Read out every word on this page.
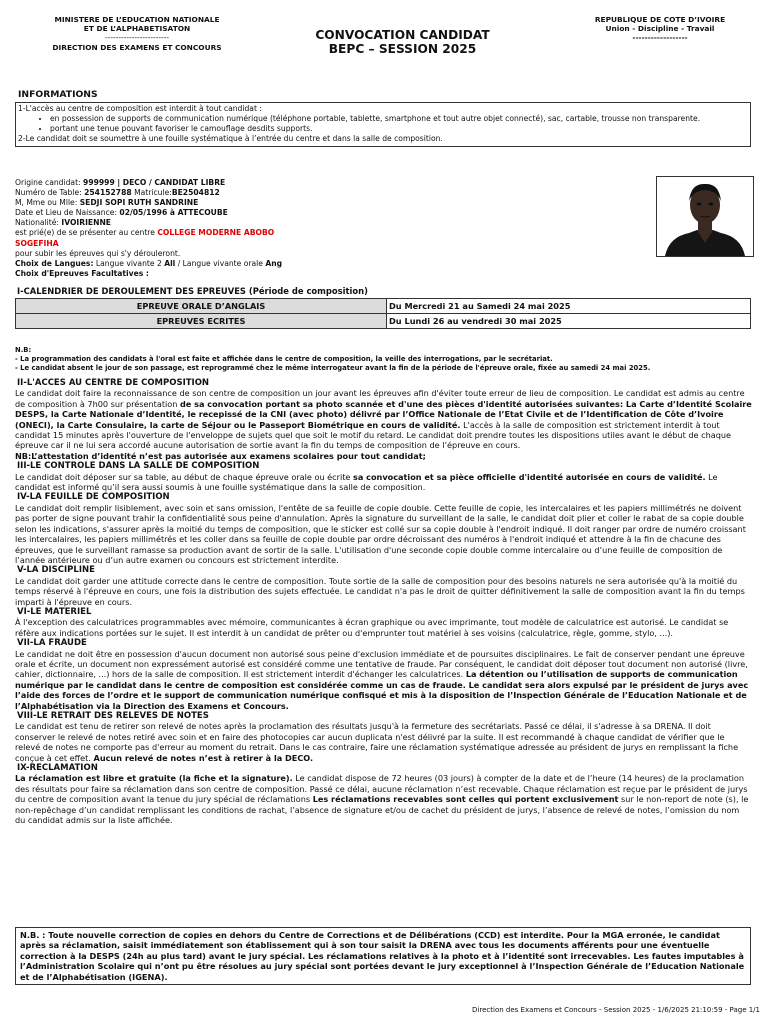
MINISTERE DE L’EDUCATION NATIONALE
ET DE L’ALPHABETISATON
------------------------
DIRECTION DES EXAMENS ET CONCOURS
CONVOCATION CANDIDAT
BEPC – SESSION 2025
REPUBLIQUE DE COTE D’IVOIRE
Union - Discipline - Travail
------------------
INFORMATIONS
1-L'accès au centre de composition est interdit à tout candidat :
• en possession de supports de communication numérique (téléphone portable, tablette, smartphone et tout autre objet connecté), sac, cartable, trousse non transparente.
• portant une tenue pouvant favoriser le camouflage desdits supports.
2-Le candidat doit se soumettre à une fouille systématique à l’entrée du centre et dans la salle de composition.
Origine candidat: 999999 | DECO / CANDIDAT LIBRE
Numéro de Table: 254152788 Matricule:BE2504812
M, Mme ou Mlle: SEDJI SOPI RUTH SANDRINE
Date et Lieu de Naissance: 02/05/1996 à ATTECOUBE
Nationalité: IVOIRIENNE
est prié(e) de se présenter au centre COLLEGE MODERNE ABOBO
SOGEFIHA
pour subir les épreuves qui s'y dérouleront.
Choix de Langues: Langue vivante 2 All / Langue vivante orale Ang
Choix d'Epreuves Facultatives :
I-CALENDRIER DE DEROULEMENT DES EPREUVES (Période de composition)
EPREUVE ORALE D’ANGLAIS	Du Mercredi 21 au Samedi 24 mai 2025
EPREUVES ECRITES	Du Lundi 26 au vendredi 30 mai 2025
N.B:
- La programmation des candidats à l'oral est faite et affichée dans le centre de composition, la veille des interrogations, par le secrétariat.
- Le candidat absent le jour de son passage, est reprogrammé chez le même interrogateur avant la fin de la période de l'épreuve orale, fixée au samedi 24 mai 2025.
II-L'ACCES AU CENTRE DE COMPOSITION

Le candidat doit faire la reconnaissance de son centre de composition un jour avant les épreuves afin d'éviter toute erreur de lieu de composition. Le candidat est admis au centre de composition à 7h00 sur présentation de sa convocation portant sa photo scannée et d'une des pièces d'identité autorisées suivantes: La Carte d’Identité Scolaire DESPS, la Carte Nationale d’Identité, le recepissé de la CNI (avec photo) délivré par l’Office Nationale de l’Etat Civile et de l’Identification de Côte d’Ivoire (ONECI), la Carte Consulaire, la carte de Séjour ou le Passeport Biométrique en cours de validité. L'accès à la salle de composition est strictement interdit à tout candidat 15 minutes après l'ouverture de l'enveloppe de sujets quel que soit le motif du retard. Le candidat doit prendre toutes les dispositions utiles avant le début de chaque épreuve car il ne lui sera accordé aucune autorisation de sortie avant la fin du temps de composition de l’épreuve en cours.

NB:L’attestation d’identité n’est pas autorisée aux examens scolaires pour tout candidat;

III-LE CONTROLE DANS LA SALLE DE COMPOSITION

Le candidat doit déposer sur sa table, au début de chaque épreuve orale ou écrite sa convocation et sa pièce officielle d'identité autorisée en cours de validité. Le candidat est informé qu’il sera aussi soumis à une fouille systématique dans la salle de composition.

IV-LA FEUILLE DE COMPOSITION

Le candidat doit remplir lisiblement, avec soin et sans omission, l'entête de sa feuille de copie double. Cette feuille de copie, les intercalaires et les papiers millimétrés ne doivent pas porter de signe pouvant trahir la confidentialité sous peine d'annulation. Après la signature du surveillant de la salle, le candidat doit plier et coller le rabat de sa copie double selon les indications, s'assurer après la moitié du temps de composition, que le sticker est collé sur sa copie double à l'endroit indiqué. Il doit ranger par ordre de numéro croissant les intercalaires, les papiers millimétrés et les coller dans sa feuille de copie double par ordre décroissant des numéros à l'endroit indiqué et attendre à la fin de chacune des épreuves, que le surveillant ramasse sa production avant de sortir de la salle. L'utilisation d'une seconde copie double comme intercalaire ou d’une feuille de composition de l’année antérieure ou d’un autre examen ou concours est strictement interdite.

V-LA DISCIPLINE

Le candidat doit garder une attitude correcte dans le centre de composition. Toute sortie de la salle de composition pour des besoins naturels ne sera autorisée qu'à la moitié du temps réservé à l'épreuve en cours, une fois la distribution des sujets effectuée. Le candidat n'a pas le droit de quitter définitivement la salle de composition avant la fin du temps imparti à l'épreuve en cours.

VI-LE MATERIEL

À l'exception des calculatrices programmables avec mémoire, communicantes à écran graphique ou avec imprimante, tout modèle de calculatrice est autorisé. Le candidat se réfère aux indications portées sur le sujet. Il est interdit à un candidat de prêter ou d'emprunter tout matériel à ses voisins (calculatrice, règle, gomme, stylo, ...).

VII-LA FRAUDE

Le candidat ne doit être en possession d'aucun document non autorisé sous peine d'exclusion immédiate et de poursuites disciplinaires. Le fait de conserver pendant une épreuve orale et écrite, un document non expressément autorisé est considéré comme une tentative de fraude. Par conséquent, le candidat doit déposer tout document non autorisé (livre, cahier, dictionnaire, ...) hors de la salle de composition. Il est strictement interdit d'échanger les calculatrices. La détention ou l’utilisation de supports de communication numérique par le candidat dans le centre de composition est considérée comme un cas de fraude. Le candidat sera alors expulsé par le président de jurys avec l’aide des forces de l’ordre et le support de communication numérique confisqué et mis à la disposition de l’Inspection Générale de l’Education Nationale et de l’Alphabétisation via la Direction des Examens et Concours.

VIII-LE RETRAIT DES RELEVES DE NOTES

Le candidat est tenu de retirer son relevé de notes après la proclamation des résultats jusqu'à la fermeture des secrétariats. Passé ce délai, il s'adresse à sa DRENA. Il doit conserver le relevé de notes retiré avec soin et en faire des photocopies car aucun duplicata n'est délivré par la suite. Il est recommandé à chaque candidat de vérifier que le relevé de notes ne comporte pas d'erreur au moment du retrait. Dans le cas contraire, faire une réclamation systématique adressée au président de jurys en remplissant la fiche conçue à cet effet. Aucun relevé de notes n’est à retirer à la DECO.

IX-RECLAMATION

La réclamation est libre et gratuite (la fiche et la signature). Le candidat dispose de 72 heures (03 jours) à compter de la date et de l’heure (14 heures) de la proclamation des résultats pour faire sa réclamation dans son centre de composition. Passé ce délai, aucune réclamation n’est recevable. Chaque réclamation est reçue par le président de jurys du centre de composition avant la tenue du jury spécial de réclamations Les réclamations recevables sont celles qui portent exclusivement sur le non-report de note (s), le non-repêchage d’un candidat remplissant les conditions de rachat, l’absence de signature et/ou de cachet du président de jurys, l’absence de relevé de notes, l’omission du nom du candidat admis sur la liste affichée.

N.B. : Toute nouvelle correction de copies en dehors du Centre de Corrections et de Délibérations (CCD) est interdite. Pour la MGA erronée, le candidat après sa réclamation, saisit immédiatement son établissement qui à son tour saisit la DRENA avec tous les documents afférents pour une éventuelle correction à la DESPS (24h au plus tard) avant le jury spécial. Les réclamations relatives à la photo et à l’identité sont irrecevables. Les fautes imputables à l’Administration Scolaire qui n’ont pu être résolues au jury spécial sont portées devant le jury exceptionnel à l’Inspection Générale de l’Education Nationale et de l’Alphabétisation (IGENA).
Direction des Examens et Concours - Session 2025 - 1/6/2025 21:10:59 - Page 1/1
